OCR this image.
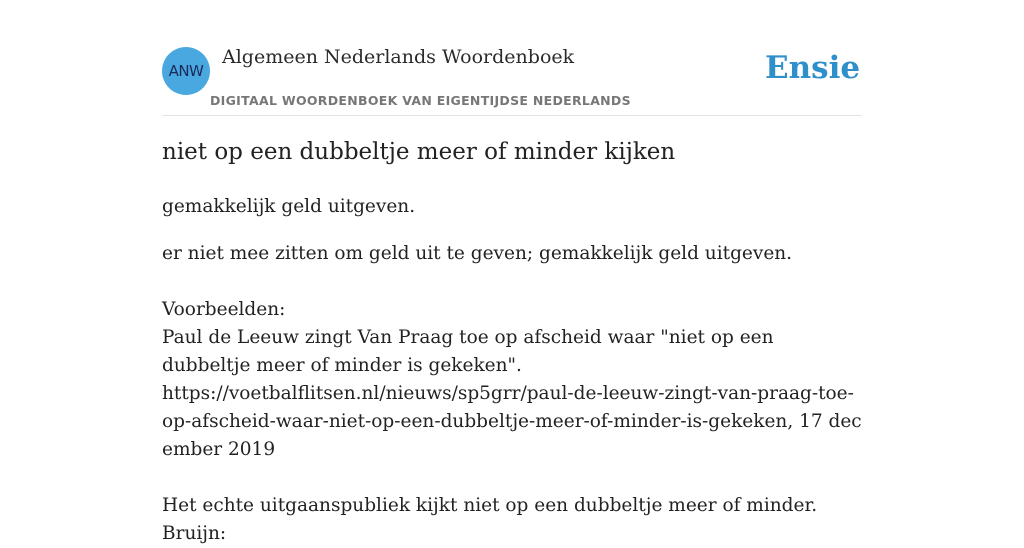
ANW
Algemeen Nederlands Woordenboek
DIGITAAL WOORDENBOEK VAN EIGENTIJDSE NEDERLANDS
Ensie
niet op een dubbeltje meer of minder kijken

gemakkelijk geld uitgeven.

er niet mee zitten om geld uit te geven; gemakkelijk geld uitgeven.

Voorbeelden:

Paul de Leeuw zingt Van Praag toe op afscheid waar "niet op een dubbeltje meer of minder is gekeken".

https://voetbalflitsen.nl/nieuws/sp5grr/paul-de-leeuw-zingt-van-praag-toe-op-afscheid-waar-niet-op-een-dubbeltje-meer-of-minder-is-gekeken, 17 december 2019

Het echte uitgaanspubliek kijkt niet op een dubbeltje meer of minder. Bruijn:
